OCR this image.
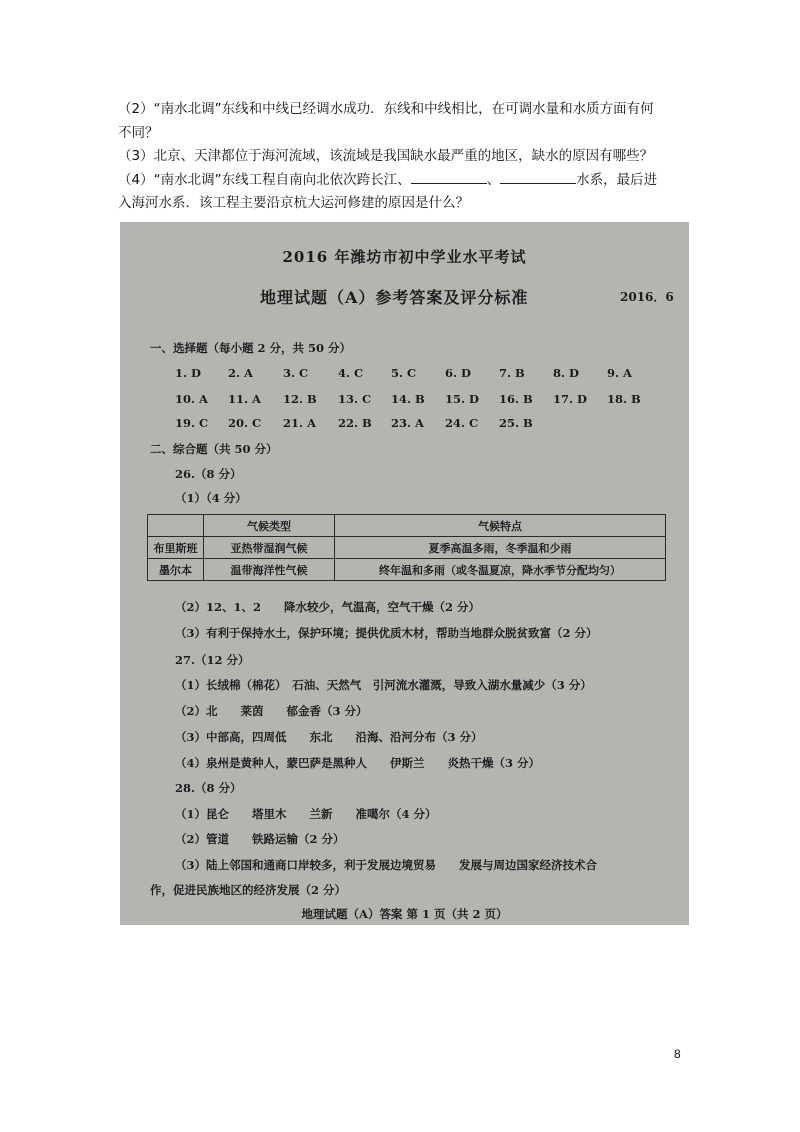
（2）“南水北调”东线和中线已经调水成功．东线和中线相比，在可调水量和水质方面有何
不同？
（3）北京、天津都位于海河流域，该流域是我国缺水最严重的地区，缺水的原因有哪些？
（4）“南水北调”东线工程自南向北依次跨长江、	、	水系，最后进
入海河水系．该工程主要沿京杭大运河修建的原因是什么？
2016 年潍坊市初中学业水平考试
地理试题（A）参考答案及评分标准	2016．6
一、选择题（每小题 2 分，共 50 分）
1. D 2. A	3. C	4. C 5. C	6. D 7. B 8. D 9. A
10. A 11. A 12. B 13. C 14. B 15. D 16. B 17. D 18. B
19. C 20. C 21. A 22. B 23. A 24. C 25. B
二、综合题（共 50 分）
26.（8 分）
（1）（4 分）
	气候类型	气候特点
布里斯班	亚热带湿润气候	夏季高温多雨，冬季温和少雨
墨尔本	温带海洋性气候	终年温和多雨（或冬温夏凉，降水季节分配均匀）
（2）12、1、2　　降水较少，气温高，空气干燥（2 分）
（3）有利于保持水土，保护环境；提供优质木材，帮助当地群众脱贫致富（2 分）
27.（12 分）
（1）长绒棉（棉花）　石油、天然气　引河流水灌溉，导致入湖水量减少（3 分）
（2）北　　莱茵　　郁金香（3 分）
（3）中部高，四周低　　东北　　沿海、沿河分布（3 分）
（4）泉州是黄种人，蒙巴萨是黑种人　　伊斯兰　　炎热干燥（3 分）
28.（8 分）
（1）昆仑　　塔里木　　兰新　　准噶尔（4 分）
（2）管道　　铁路运输（2 分）
（3）陆上邻国和通商口岸较多，利于发展边境贸易　　发展与周边国家经济技术合
作，促进民族地区的经济发展（2 分）
地理试题（A）答案 第 1 页（共 2 页）
8
